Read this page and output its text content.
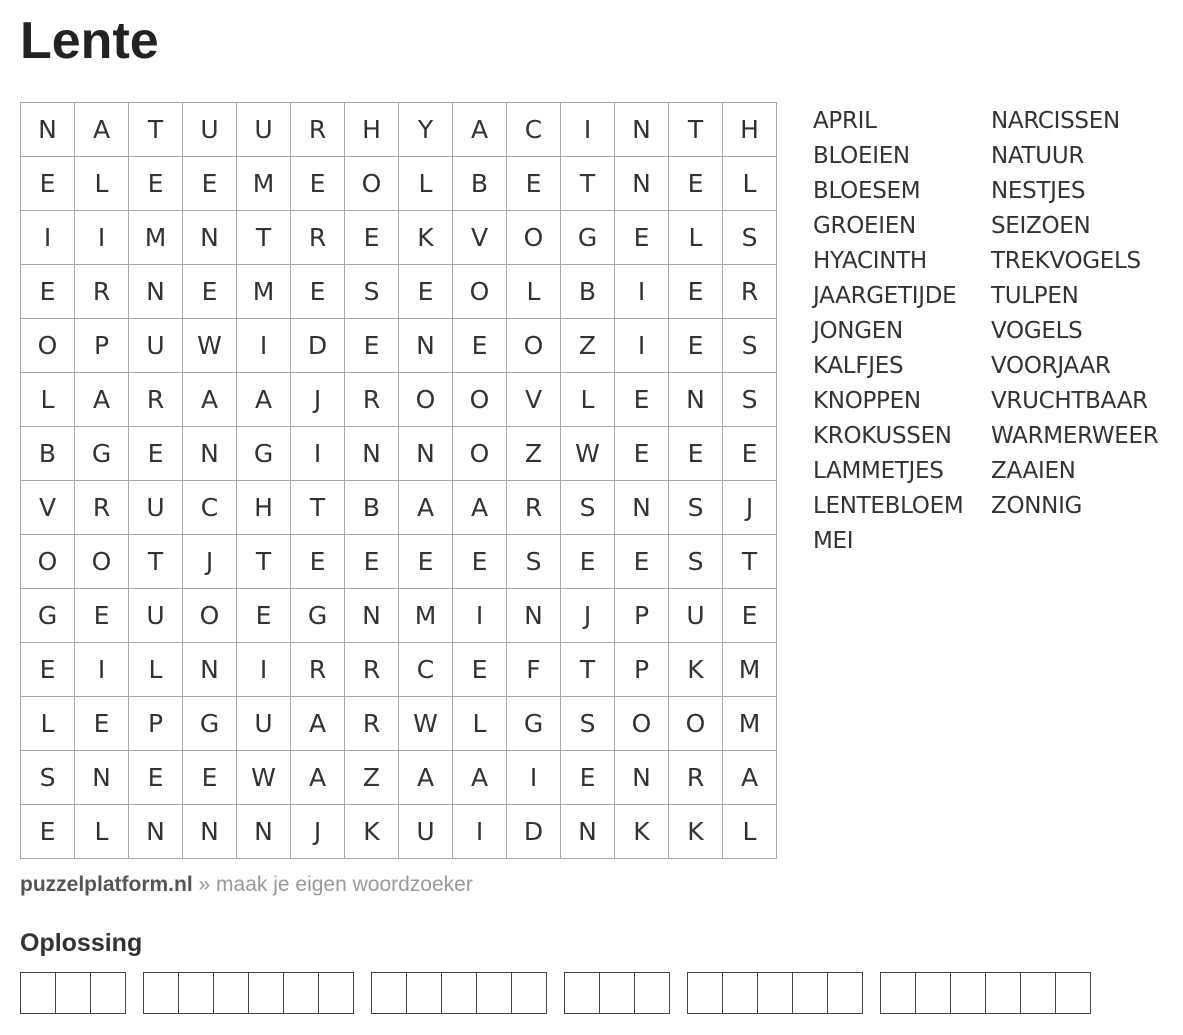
Lente
N	A	T	U	U	R	H	Y	A	C	I	N	T	H
E	L	E	E	M	E	O	L	B	E	T	N	E	L
I	I	M	N	T	R	E	K	V	O	G	E	L	S
E	R	N	E	M	E	S	E	O	L	B	I	E	R
O	P	U	W	I	D	E	N	E	O	Z	I	E	S
L	A	R	A	A	J	R	O	O	V	L	E	N	S
B	G	E	N	G	I	N	N	O	Z	W	E	E	E
V	R	U	C	H	T	B	A	A	R	S	N	S	J
O	O	T	J	T	E	E	E	E	S	E	E	S	T
G	E	U	O	E	G	N	M	I	N	J	P	U	E
E	I	L	N	I	R	R	C	E	F	T	P	K	M
L	E	P	G	U	A	R	W	L	G	S	O	O	M
S	N	E	E	W	A	Z	A	A	I	E	N	R	A
E	L	N	N	N	J	K	U	I	D	N	K	K	L
APRIL
BLOEIEN
BLOESEM
GROEIEN
HYACINTH
JAARGETIJDE
JONGEN
KALFJES
KNOPPEN
KROKUSSEN
LAMMETJES
LENTEBLOEM
MEI
NARCISSEN
NATUUR
NESTJES
SEIZOEN
TREKVOGELS
TULPEN
VOGELS
VOORJAAR
VRUCHTBAAR
WARMERWEER
ZAAIEN
ZONNIG
puzzelplatform.nl » maak je eigen woordzoeker
Oplossing
